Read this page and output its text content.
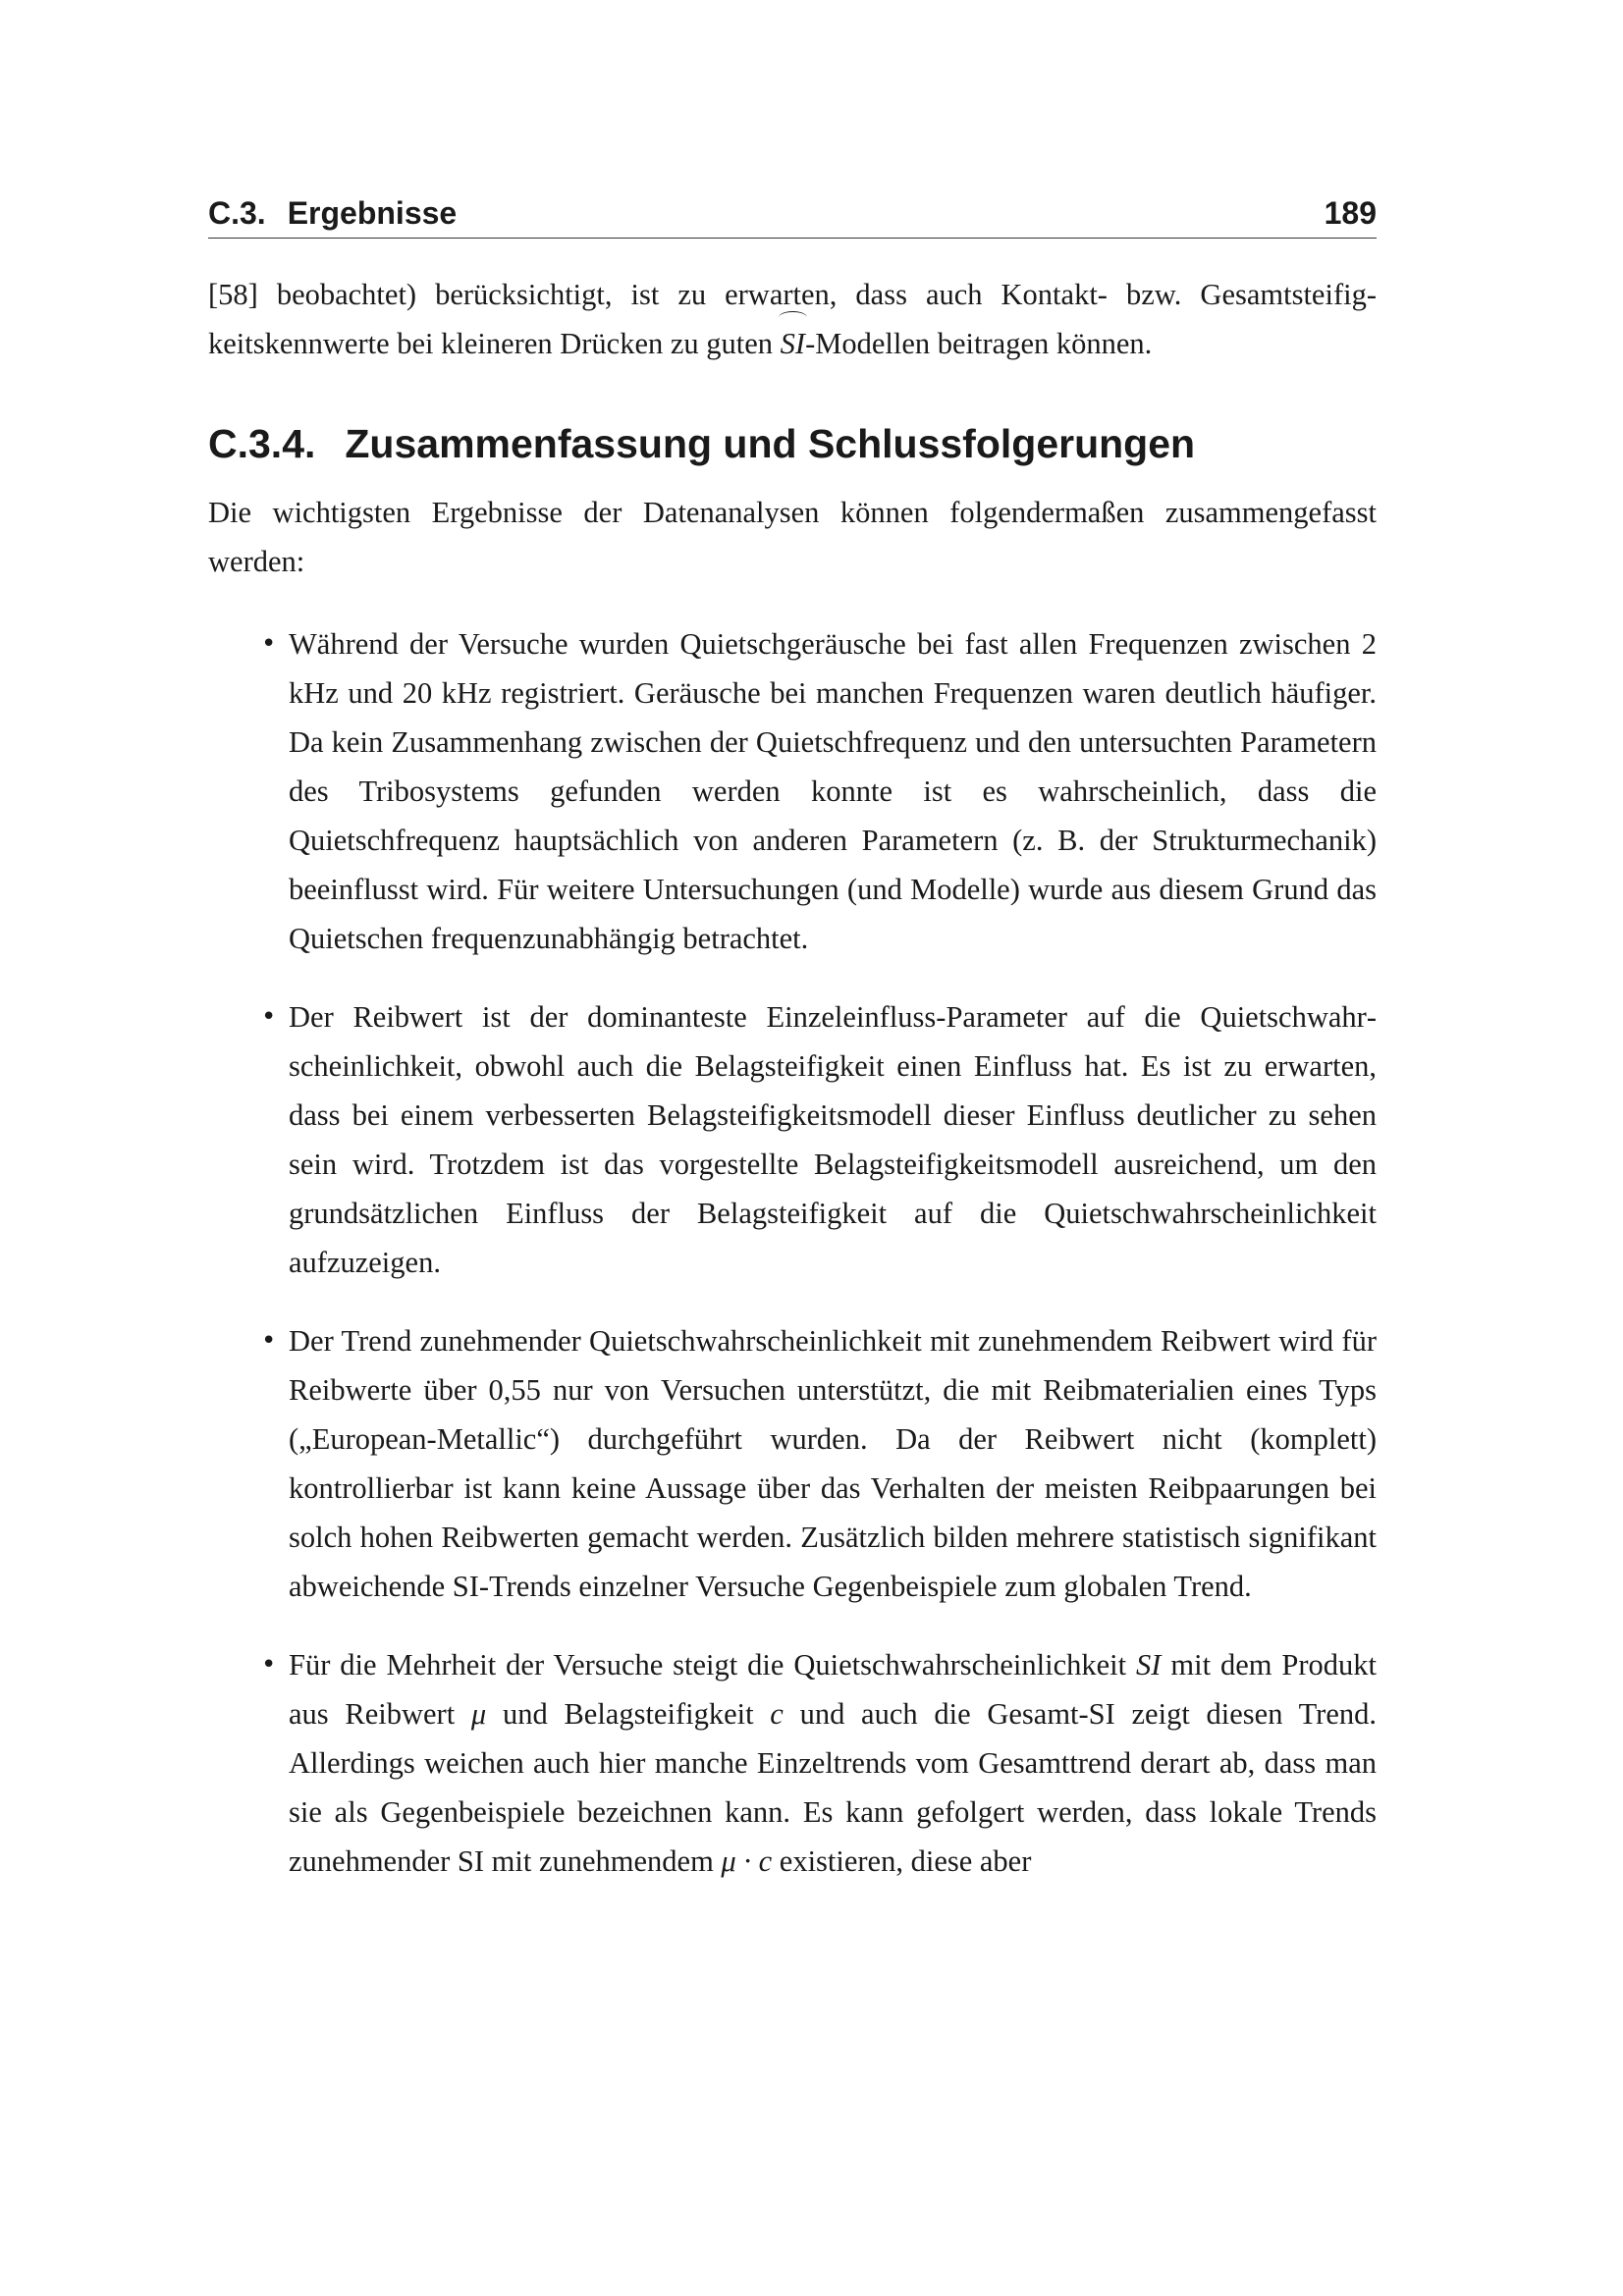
C.3. Ergebnisse	189

[58] beobachtet) berücksichtigt, ist zu erwarten, dass auch Kontakt- bzw. Gesamtsteifigkeitskennwerte bei kleineren Drücken zu guten
SI-Modellen beitragen können.

C.3.4. Zusammenfassung und Schlussfolgerungen

Die wichtigsten Ergebnisse der Datenanalysen können folgendermaßen zusammengefasst werden:

• Während der Versuche wurden Quietschgeräusche bei fast allen Frequenzen zwischen 2 kHz und 20 kHz registriert. Geräusche bei manchen Frequenzen waren deutlich häufiger. Da kein Zusammenhang zwischen der Quietschfrequenz und den untersuchten Parametern des Tribosystems gefunden werden konnte ist es wahrscheinlich, dass die Quietschfrequenz hauptsächlich von anderen Parametern (z. B. der Strukturmechanik) beeinflusst wird. Für weitere Untersuchungen (und Modelle) wurde aus diesem Grund das Quietschen frequenzunabhängig betrachtet.
• Der Reibwert ist der dominanteste Einzeleinfluss-Parameter auf die Quietschwahrscheinlichkeit, obwohl auch die Belagsteifigkeit einen Einfluss hat. Es ist zu erwarten, dass bei einem verbesserten Belagsteifigkeitsmodell dieser Einfluss deutlicher zu sehen sein wird. Trotzdem ist das vorgestellte Belagsteifigkeitsmodell ausreichend, um den grundsätzlichen Einfluss der Belagsteifigkeit auf die Quietschwahrscheinlichkeit aufzuzeigen.
• Der Trend zunehmender Quietschwahrscheinlichkeit mit zunehmendem Reibwert wird für Reibwerte über 0,55 nur von Versuchen unterstützt, die mit Reibmaterialien eines Typs („European-Metallic“) durchgeführt wurden. Da der Reibwert nicht (komplett) kontrollierbar ist kann keine Aussage über das Verhalten der meisten Reibpaarungen bei solch hohen Reibwerten gemacht werden. Zusätzlich bilden mehrere statistisch signifikant abweichende SI-Trends einzelner Versuche Gegenbeispiele zum globalen Trend.
• Für die Mehrheit der Versuche steigt die Quietschwahrscheinlichkeit SI mit dem Produkt aus Reibwert μ und Belagsteifigkeit c und auch die Gesamt-SI zeigt diesen Trend. Allerdings weichen auch hier manche Einzeltrends vom Gesamttrend derart ab, dass man sie als Gegenbeispiele bezeichnen kann. Es kann gefolgert werden, dass lokale Trends zunehmender SI mit zunehmendem μ · c existieren, diese aber
